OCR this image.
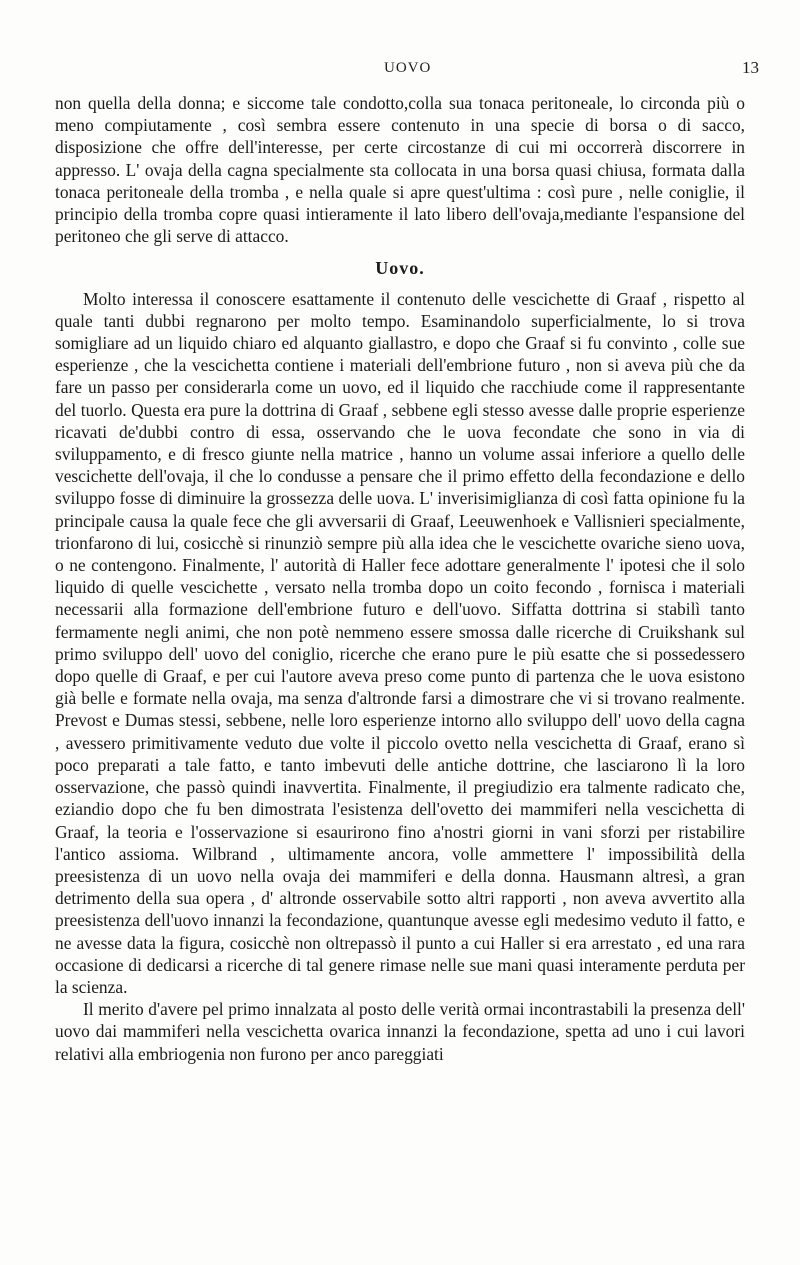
UOVO	13

non quella della donna; e siccome tale condotto,colla sua tonaca peritoneale, lo circonda più o meno compiutamente , così sembra essere contenuto in una specie di borsa o di sacco, disposizione che offre dell'interesse, per certe circostanze di cui mi occorrerà discorrere in appresso. L' ovaja della cagna specialmente sta collocata in una borsa quasi chiusa, formata dalla tonaca peritoneale della tromba , e nella quale si apre quest'ultima : così pure , nelle coniglie, il principio della tromba copre quasi intieramente il lato libero dell'ovaja,mediante l'espansione del peritoneo che gli serve di attacco.

Uovo.

Molto interessa il conoscere esattamente il contenuto delle vescichette di Graaf , rispetto al quale tanti dubbi regnarono per molto tempo. Esaminandolo superficialmente, lo si trova somigliare ad un liquido chiaro ed alquanto giallastro, e dopo che Graaf si fu convinto , colle sue esperienze , che la vescichetta contiene i materiali dell'embrione futuro , non si aveva più che da fare un passo per considerarla come un uovo, ed il liquido che racchiude come il rappresentante del tuorlo. Questa era pure la dottrina di Graaf , sebbene egli stesso avesse dalle proprie esperienze ricavati de'dubbi contro di essa, osservando che le uova fecondate che sono in via di sviluppamento, e di fresco giunte nella matrice , hanno un volume assai inferiore a quello delle vescichette dell'ovaja, il che lo condusse a pensare che il primo effetto della fecondazione e dello sviluppo fosse di diminuire la grossezza delle uova. L' inverisimiglianza di così fatta opinione fu la principale causa la quale fece che gli avversarii di Graaf, Leeuwenhoek e Vallisnieri specialmente, trionfarono di lui, cosicchè si rinunziò sempre più alla idea che le vescichette ovariche sieno uova, o ne contengono. Finalmente, l' autorità di Haller fece adottare generalmente l' ipotesi che il solo liquido di quelle vescichette , versato nella tromba dopo un coito fecondo , fornisca i materiali necessarii alla formazione dell'embrione futuro e dell'uovo. Siffatta dottrina si stabilì tanto fermamente negli animi, che non potè nemmeno essere smossa dalle ricerche di Cruikshank sul primo sviluppo dell' uovo del coniglio, ricerche che erano pure le più esatte che si possedessero dopo quelle di Graaf, e per cui l'autore aveva preso come punto di partenza che le uova esistono già belle e formate nella ovaja, ma senza d'altronde farsi a dimostrare che vi si trovano realmente. Prevost e Dumas stessi, sebbene, nelle loro esperienze intorno allo sviluppo dell' uovo della cagna , avessero primitivamente veduto due volte il piccolo ovetto nella vescichetta di Graaf, erano sì poco preparati a tale fatto, e tanto imbevuti delle antiche dottrine, che lasciarono lì la loro osservazione, che passò quindi inavvertita. Finalmente, il pregiudizio era talmente radicato che, eziandio dopo che fu ben dimostrata l'esistenza dell'ovetto dei mammiferi nella vescichetta di Graaf, la teoria e l'osservazione si esaurirono fino a'nostri giorni in vani sforzi per ristabilire l'antico assioma. Wilbrand , ultimamente ancora, volle ammettere l' impossibilità della preesistenza di un uovo nella ovaja dei mammiferi e della donna. Hausmann altresì, a gran detrimento della sua opera , d' altronde osservabile sotto altri rapporti , non aveva avvertito alla preesistenza dell'uovo innanzi la fecondazione, quantunque avesse egli medesimo veduto il fatto, e ne avesse data la figura, cosicchè non oltrepassò il punto a cui Haller si era arrestato , ed una rara occasione di dedicarsi a ricerche di tal genere rimase nelle sue mani quasi interamente perduta per la scienza.

Il merito d'avere pel primo innalzata al posto delle verità ormai incontrastabili la presenza dell' uovo dai mammiferi nella vescichetta ovarica innanzi la fecondazione, spetta ad uno i cui lavori relativi alla embriogenia non furono per anco pareggiati
